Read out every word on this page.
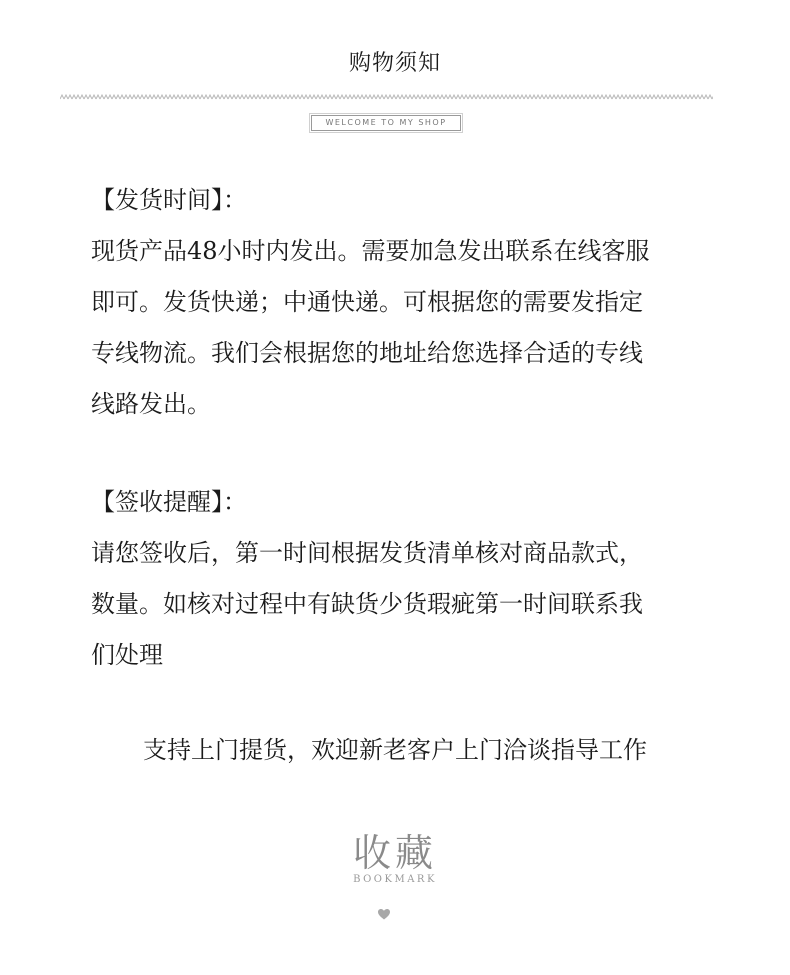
购物须知
WELCOME TO MY SHOP
【发货时间】：
现货产品48小时内发出。需要加急发出联系在线客服
即可。发货快递；中通快递。可根据您的需要发指定
专线物流。我们会根据您的地址给您选择合适的专线
线路发出。
【签收提醒】：
请您签收后，第一时间根据发货清单核对商品款式，
数量。如核对过程中有缺货少货瑕疵第一时间联系我
们处理
支持上门提货，欢迎新老客户上门洽谈指导工作
收藏
BOOKMARK
